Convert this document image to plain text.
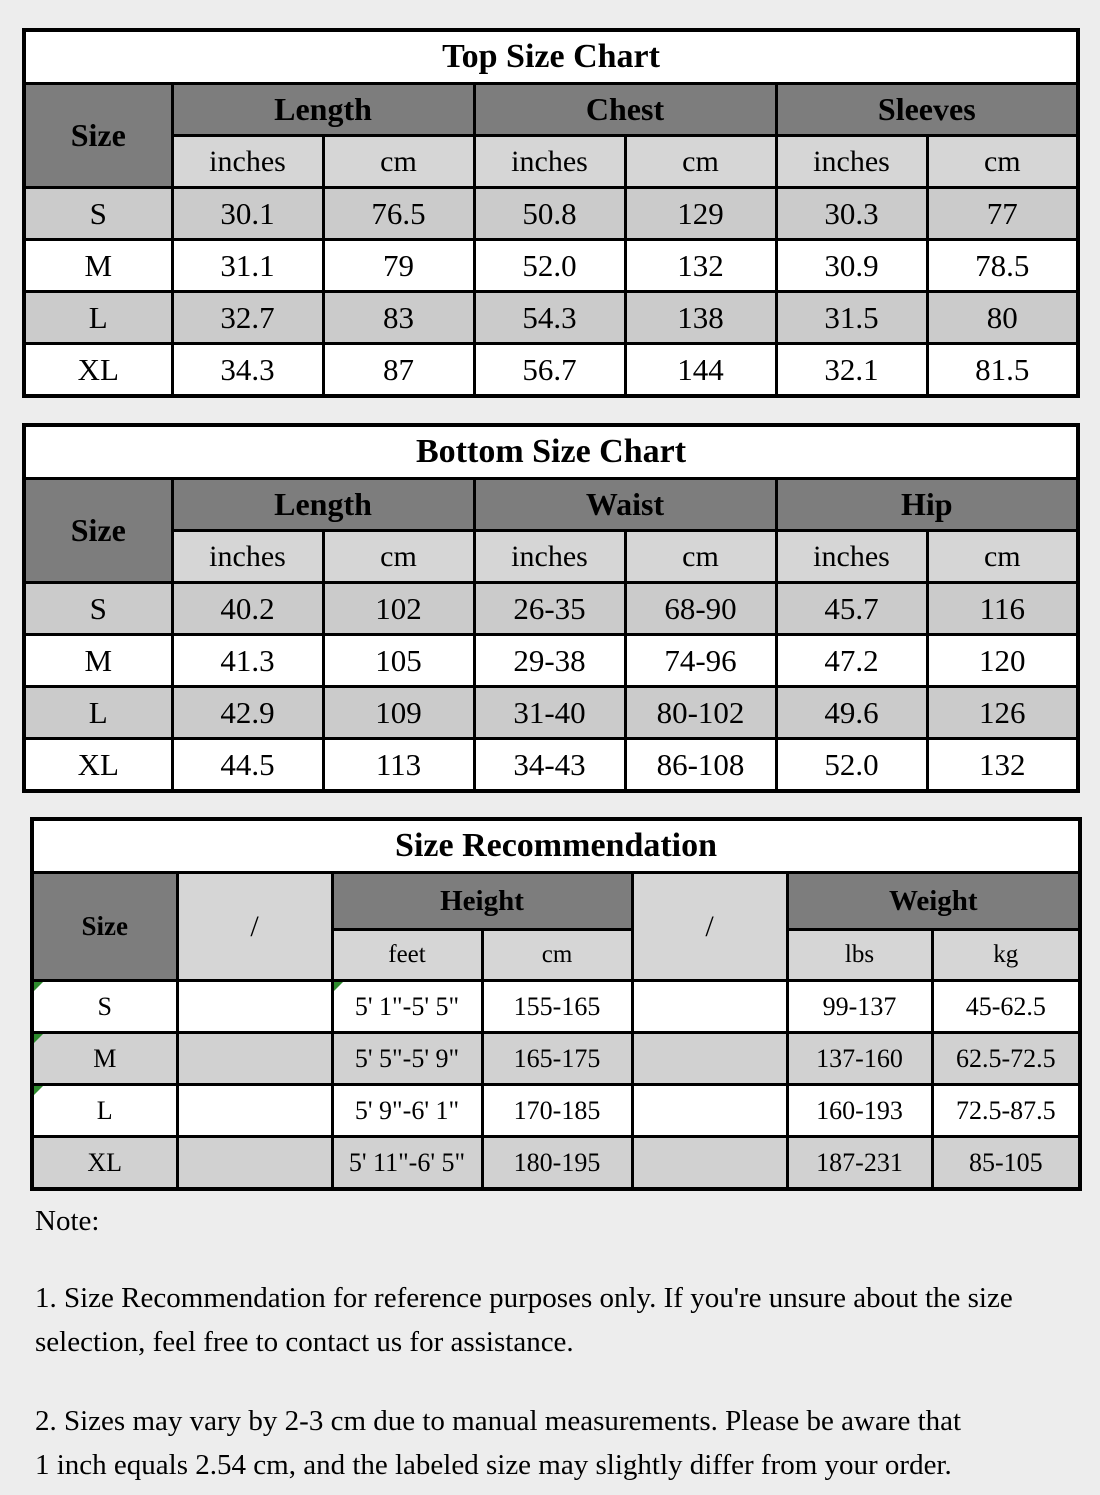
Top Size Chart						
Size	Length		Chest		Sleeves	
	inches	cm	inches	cm	inches	cm
S	30.1	76.5	50.8	129	30.3	77
M	31.1	79	52.0	132	30.9	78.5
L	32.7	83	54.3	138	31.5	80
XL	34.3	87	56.7	144	32.1	81.5
Bottom Size Chart						
Size	Length		Waist		Hip	
	inches	cm	inches	cm	inches	cm
S	40.2	102	26-35	68-90	45.7	116
M	41.3	105	29-38	74-96	47.2	120
L	42.9	109	31-40	80-102	49.6	126
XL	44.5	113	34-43	86-108	52.0	132
Size Recommendation						
Size	/	Height		/	Weight	
		feet	cm		lbs	kg

S		5' 1"-5' 5"	155-165		99-137	45-62.5

M		5' 5"-5' 9"	165-175		137-160	62.5-72.5

L		5' 9"-6' 1"	170-185		160-193	72.5-87.5
XL		5' 11"-6' 5"	180-195		187-231	85-105
Note:
1. Size Recommendation for reference purposes only. If you're unsure about the size
selection, feel free to contact us for assistance.
2. Sizes may vary by 2-3 cm due to manual measurements. Please be aware that
1 inch equals 2.54 cm, and the labeled size may slightly differ from your order.
